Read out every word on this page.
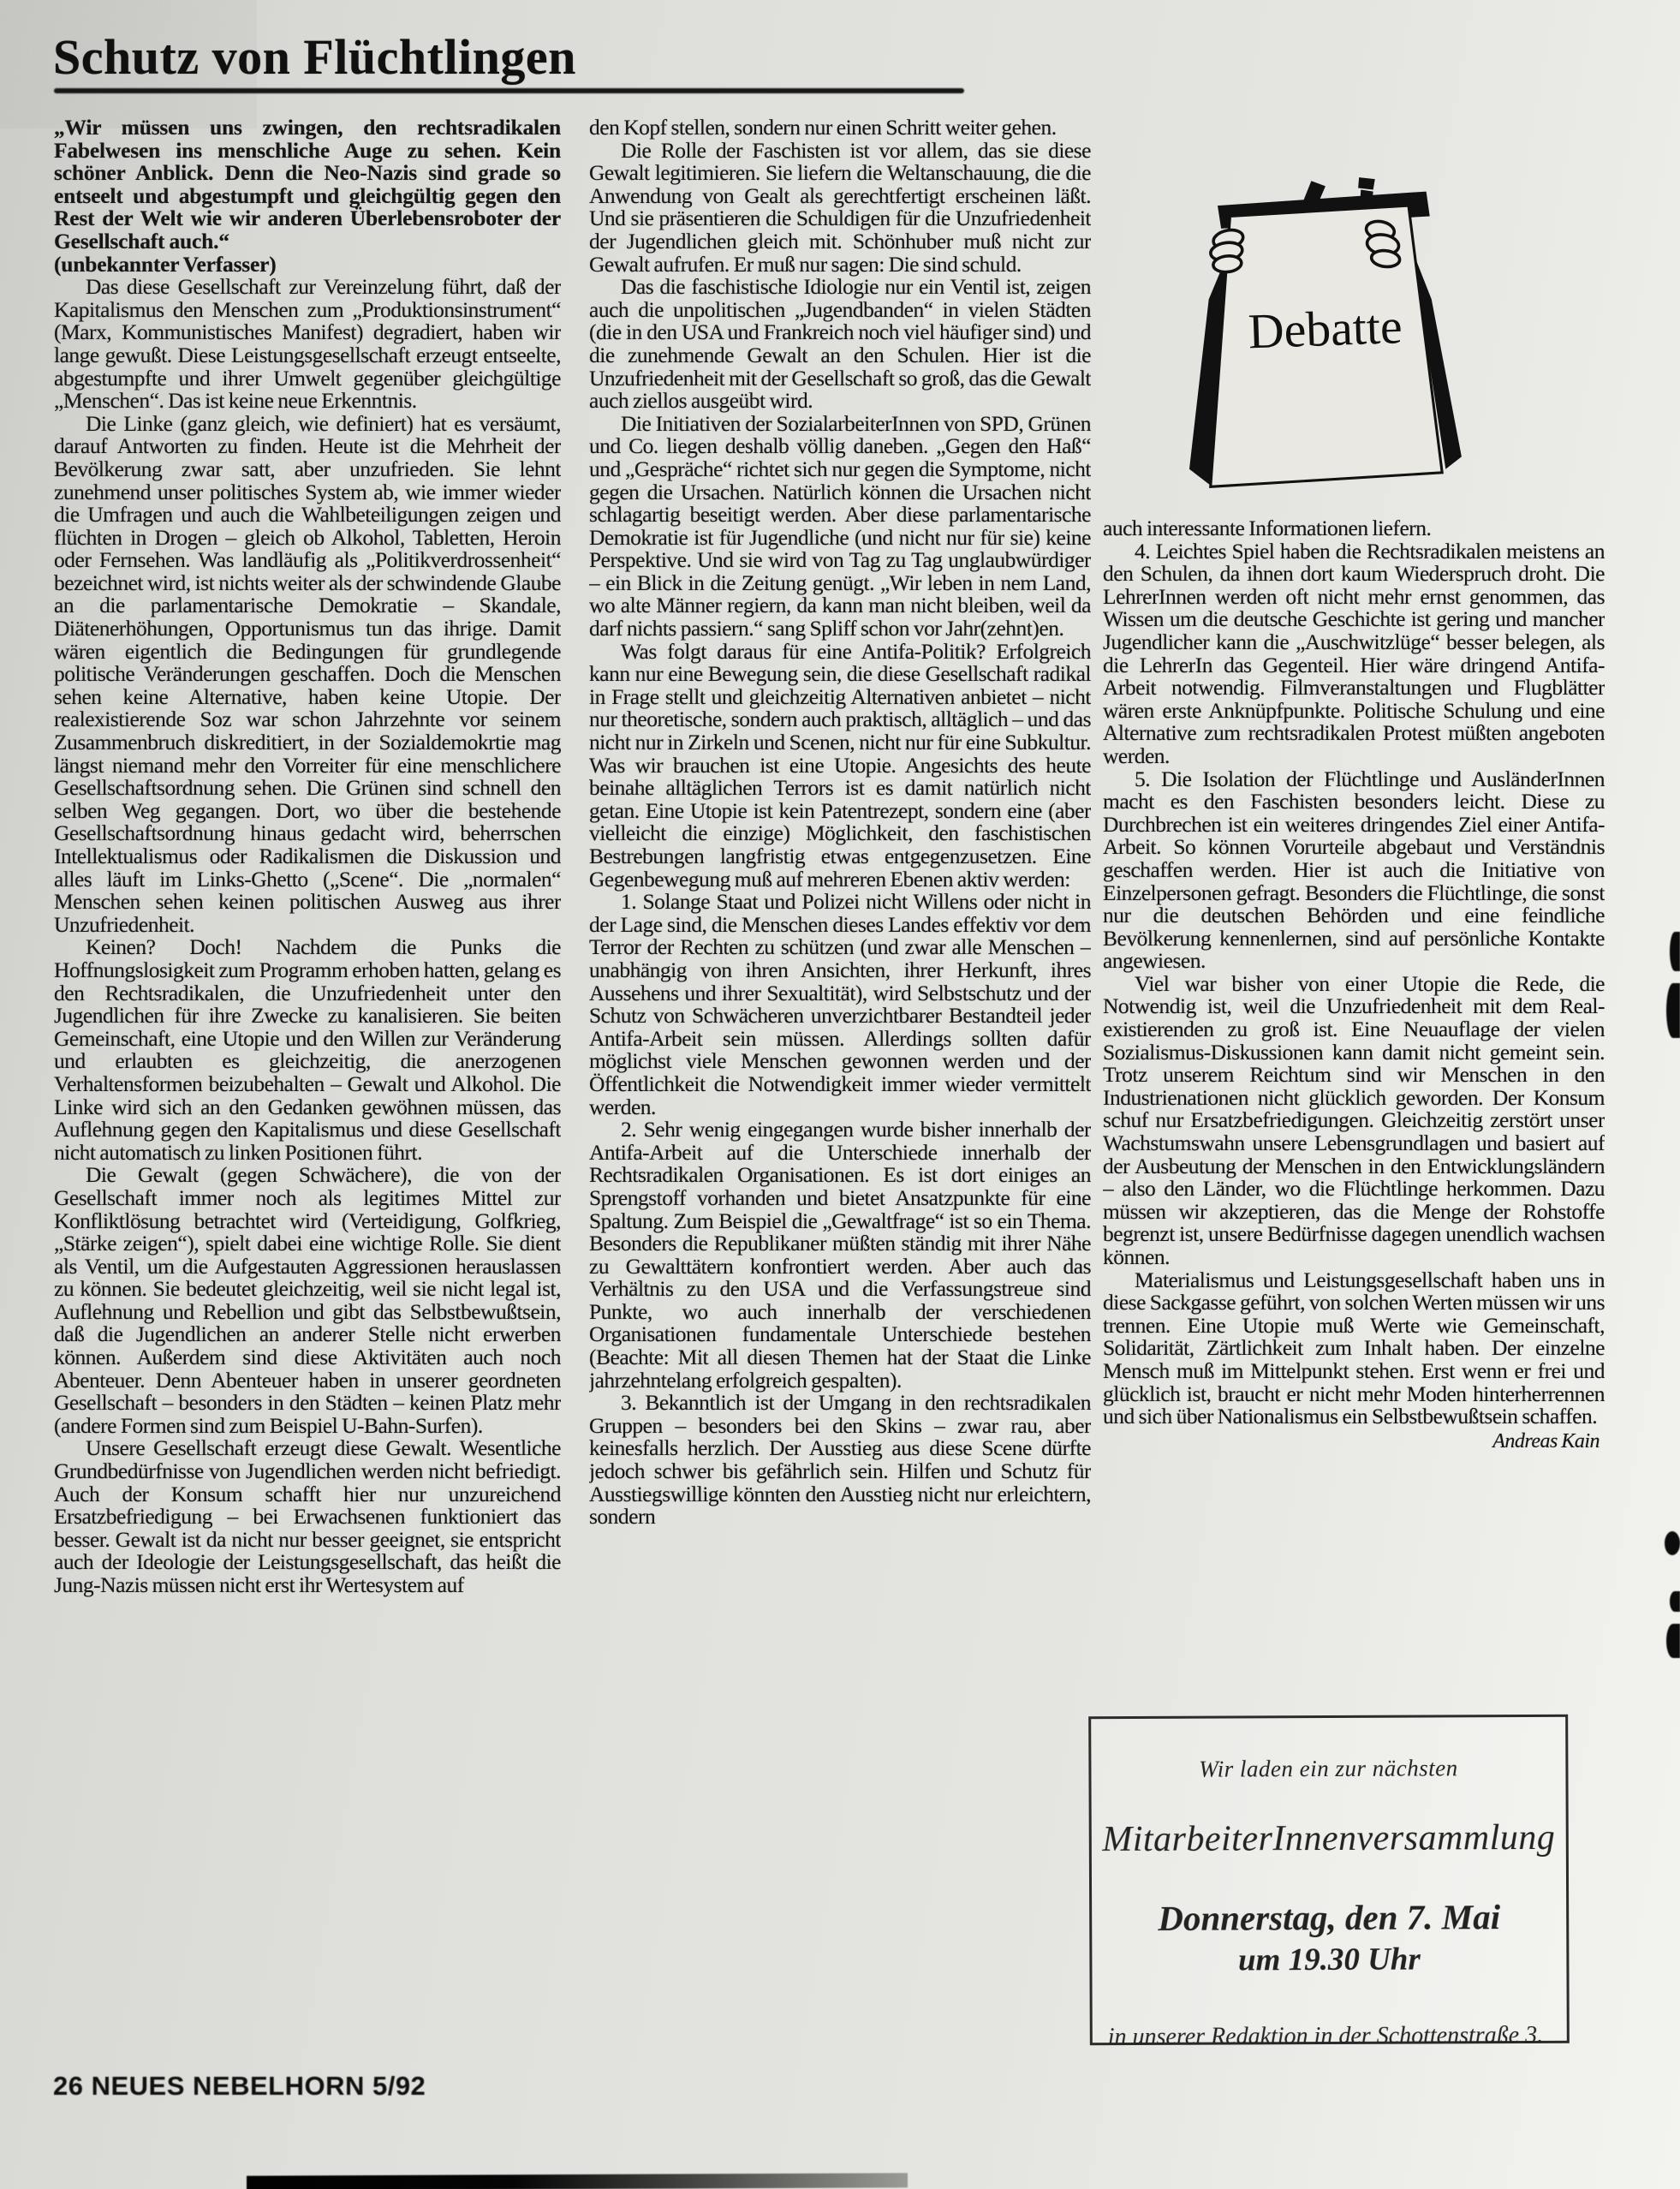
Schutz von Flüchtlingen

„Wir müssen uns zwingen, den rechtsradikalen Fabelwesen ins menschliche Auge zu sehen. Kein schöner Anblick. Denn die Neo-Nazis sind grade so entseelt und abgestumpft und gleichgültig gegen den Rest der Welt wie wir anderen Überlebensroboter der Gesellschaft auch.“

(unbekannter Verfasser)

Das diese Gesellschaft zur Vereinzelung führt, daß der Kapitalismus den Menschen zum „Produktionsinstrument“ (Marx, Kommunistisches Manifest) degradiert, haben wir lange gewußt. Diese Leistungsgesellschaft erzeugt entseelte, abgestumpfte und ihrer Umwelt gegenüber gleichgültige „Menschen“. Das ist keine neue Erkenntnis.

Die Linke (ganz gleich, wie definiert) hat es versäumt, darauf Antworten zu finden. Heute ist die Mehrheit der Bevölkerung zwar satt, aber unzufrieden. Sie lehnt zunehmend unser politisches System ab, wie immer wieder die Umfragen und auch die Wahlbeteiligungen zeigen und flüchten in Drogen – gleich ob Alkohol, Tabletten, Heroin oder Fernsehen. Was landläufig als „Politikverdrossenheit“ bezeichnet wird, ist nichts weiter als der schwindende Glaube an die parlamentarische Demokratie – Skandale, Diätenerhöhungen, Opportunismus tun das ihrige. Damit wären eigentlich die Bedingungen für grundlegende politische Veränderungen geschaffen. Doch die Menschen sehen keine Alternative, haben keine Utopie. Der realexistierende Soz war schon Jahrzehnte vor seinem Zusammenbruch diskreditiert, in der Sozialdemokrtie mag längst niemand mehr den Vorreiter für eine menschlichere Gesellschaftsordnung sehen. Die Grünen sind schnell den selben Weg gegangen. Dort, wo über die bestehende Gesellschaftsordnung hinaus gedacht wird, beherrschen Intellektualismus oder Radikalismen die Diskussion und alles läuft im Links-Ghetto („Scene“. Die „normalen“ Menschen sehen keinen politischen Ausweg aus ihrer Unzufriedenheit.

Keinen? Doch! Nachdem die Punks die Hoffnungslosigkeit zum Programm erhoben hatten, gelang es den Rechtsradikalen, die Unzufriedenheit unter den Jugendlichen für ihre Zwecke zu kanalisieren. Sie beiten Gemeinschaft, eine Utopie und den Willen zur Veränderung und erlaubten es gleichzeitig, die anerzogenen Verhaltensformen beizubehalten – Gewalt und Alkohol. Die Linke wird sich an den Gedanken gewöhnen müssen, das Auflehnung gegen den Kapitalismus und diese Gesellschaft nicht automatisch zu linken Positionen führt.

Die Gewalt (gegen Schwächere), die von der Gesellschaft immer noch als legitimes Mittel zur Konfliktlösung betrachtet wird (Verteidigung, Golfkrieg, „Stärke zeigen“), spielt dabei eine wichtige Rolle. Sie dient als Ventil, um die Aufgestauten Aggressionen herauslassen zu können. Sie bedeutet gleichzeitig, weil sie nicht legal ist, Auflehnung und Rebellion und gibt das Selbstbewußtsein, daß die Jugendlichen an anderer Stelle nicht erwerben können. Außerdem sind diese Aktivitäten auch noch Abenteuer. Denn Abenteuer haben in unserer geordneten Gesellschaft – besonders in den Städten – keinen Platz mehr (andere Formen sind zum Beispiel U-Bahn-Surfen).

Unsere Gesellschaft erzeugt diese Gewalt. Wesentliche Grundbedürfnisse von Jugendlichen werden nicht befriedigt. Auch der Konsum schafft hier nur unzureichend Ersatzbefriedigung – bei Erwachsenen funktioniert das besser. Gewalt ist da nicht nur besser geeignet, sie entspricht auch der Ideologie der Leistungsgesellschaft, das heißt die Jung-Nazis müssen nicht erst ihr Wertesystem auf

den Kopf stellen, sondern nur einen Schritt weiter gehen.

Die Rolle der Faschisten ist vor allem, das sie diese Gewalt legitimieren. Sie liefern die Weltanschauung, die die Anwendung von Gealt als gerechtfertigt erscheinen läßt. Und sie präsentieren die Schuldigen für die Unzufriedenheit der Jugendlichen gleich mit. Schönhuber muß nicht zur Gewalt aufrufen. Er muß nur sagen: Die sind schuld.

Das die faschistische Idiologie nur ein Ventil ist, zeigen auch die unpolitischen „Jugendbanden“ in vielen Städten (die in den USA und Frankreich noch viel häufiger sind) und die zunehmende Gewalt an den Schulen. Hier ist die Unzufriedenheit mit der Gesellschaft so groß, das die Gewalt auch ziellos ausgeübt wird.

Die Initiativen der SozialarbeiterInnen von SPD, Grünen und Co. liegen deshalb völlig daneben. „Gegen den Haß“ und „Gespräche“ richtet sich nur gegen die Symptome, nicht gegen die Ursachen. Natürlich können die Ursachen nicht schlagartig beseitigt werden. Aber diese parlamentarische Demokratie ist für Jugendliche (und nicht nur für sie) keine Perspektive. Und sie wird von Tag zu Tag unglaubwürdiger – ein Blick in die Zeitung genügt. „Wir leben in nem Land, wo alte Männer regiern, da kann man nicht bleiben, weil da darf nichts passiern.“ sang Spliff schon vor Jahr(zehnt)en.

Was folgt daraus für eine Antifa-Politik? Erfolgreich kann nur eine Bewegung sein, die diese Gesellschaft radikal in Frage stellt und gleichzeitig Alternativen anbietet – nicht nur theoretische, sondern auch praktisch, alltäglich – und das nicht nur in Zirkeln und Scenen, nicht nur für eine Subkultur. Was wir brauchen ist eine Utopie. Angesichts des heute beinahe alltäglichen Terrors ist es damit natürlich nicht getan. Eine Utopie ist kein Patentrezept, sondern eine (aber vielleicht die einzige) Möglichkeit, den faschistischen Bestrebungen langfristig etwas entgegenzusetzen. Eine Gegenbewegung muß auf mehreren Ebenen aktiv werden:

1. Solange Staat und Polizei nicht Willens oder nicht in der Lage sind, die Menschen dieses Landes effektiv vor dem Terror der Rechten zu schützen (und zwar alle Menschen – unabhängig von ihren Ansichten, ihrer Herkunft, ihres Aussehens und ihrer Sexualtität), wird Selbstschutz und der Schutz von Schwächeren unverzichtbarer Bestandteil jeder Antifa-Arbeit sein müssen. Allerdings sollten dafür möglichst viele Menschen gewonnen werden und der Öffentlichkeit die Notwendigkeit immer wieder vermittelt werden.

2. Sehr wenig eingegangen wurde bisher innerhalb der Antifa-Arbeit auf die Unterschiede innerhalb der Rechtsradikalen Organisationen. Es ist dort einiges an Sprengstoff vorhanden und bietet Ansatzpunkte für eine Spaltung. Zum Beispiel die „Gewaltfrage“ ist so ein Thema. Besonders die Republikaner müßten ständig mit ihrer Nähe zu Gewalttätern konfrontiert werden. Aber auch das Verhältnis zu den USA und die Verfassungstreue sind Punkte, wo auch innerhalb der verschiedenen Organisationen fundamentale Unterschiede bestehen (Beachte: Mit all diesen Themen hat der Staat die Linke jahrzehntelang erfolgreich gespalten).

3. Bekanntlich ist der Umgang in den rechtsradikalen Gruppen – besonders bei den Skins – zwar rau, aber keinesfalls herzlich. Der Ausstieg aus diese Scene dürfte jedoch schwer bis gefährlich sein. Hilfen und Schutz für Ausstiegswillige könnten den Ausstieg nicht nur erleichtern, sondern

Debatte

auch interessante Informationen liefern.

4. Leichtes Spiel haben die Rechtsradikalen meistens an den Schulen, da ihnen dort kaum Wiederspruch droht. Die LehrerInnen werden oft nicht mehr ernst genommen, das Wissen um die deutsche Geschichte ist gering und mancher Jugendlicher kann die „Auschwitzlüge“ besser belegen, als die LehrerIn das Gegenteil. Hier wäre dringend Antifa-Arbeit notwendig. Filmveranstaltungen und Flugblätter wären erste Anknüpfpunkte. Politische Schulung und eine Alternative zum rechtsradikalen Protest müßten angeboten werden.

5. Die Isolation der Flüchtlinge und AusländerInnen macht es den Faschisten besonders leicht. Diese zu Durchbrechen ist ein weiteres dringendes Ziel einer Antifa-Arbeit. So können Vorurteile abgebaut und Verständnis geschaffen werden. Hier ist auch die Initiative von Einzelpersonen gefragt. Besonders die Flüchtlinge, die sonst nur die deutschen Behörden und eine feindliche Bevölkerung kennenlernen, sind auf persönliche Kontakte angewiesen.

Viel war bisher von einer Utopie die Rede, die Notwendig ist, weil die Unzufriedenheit mit dem Real-existierenden zu groß ist. Eine Neuauflage der vielen Sozialismus-Diskussionen kann damit nicht gemeint sein. Trotz unserem Reichtum sind wir Menschen in den Industrienationen nicht glücklich geworden. Der Konsum schuf nur Ersatzbefriedigungen. Gleichzeitig zerstört unser Wachstumswahn unsere Lebensgrundlagen und basiert auf der Ausbeutung der Menschen in den Entwicklungsländern – also den Länder, wo die Flüchtlinge herkommen. Dazu müssen wir akzeptieren, das die Menge der Rohstoffe begrenzt ist, unsere Bedürfnisse dagegen unendlich wachsen können.

Materialismus und Leistungsgesellschaft haben uns in diese Sackgasse geführt, von solchen Werten müssen wir uns trennen. Eine Utopie muß Werte wie Gemeinschaft, Solidarität, Zärtlichkeit zum Inhalt haben. Der einzelne Mensch muß im Mittelpunkt stehen. Erst wenn er frei und glücklich ist, braucht er nicht mehr Moden hinterherrennen und sich über Nationalismus ein Selbstbewußtsein schaffen.

Andreas Kain

Wir laden ein zur nächsten

MitarbeiterInnenversammlung

Donnerstag, den 7. Mai

um 19.30 Uhr

in unserer Redaktion in der Schottenstraße 3.

26 NEUES NEBELHORN 5/92
